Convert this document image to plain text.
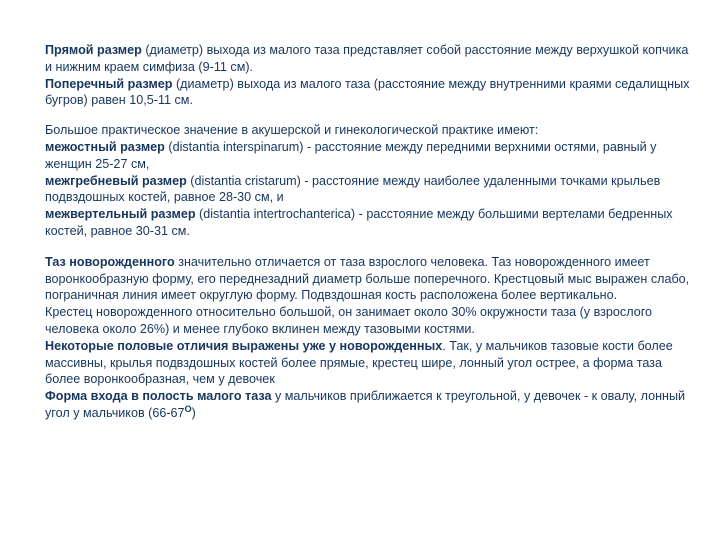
Прямой размер (диаметр) выхода из малого таза представляет собой расстояние между верхушкой копчика и нижним краем симфиза (9-11 см).

Поперечный размер (диаметр) выхода из малого таза (расстояние между внутренними краями седалищных бугров) равен 10,5-11 см.

Большое практическое значение в акушерской и гинекологической практике имеют:

межостный размер (distantia interspinarum) - расстояние между передними верхними остями, равный у женщин 25-27 см,

межгребневый размер (distantia cristarum) - расстояние между наиболее удаленными точками крыльев подвздошных костей, равное 28-30 см, и

межвертельный размер (distantia intertrochanterica) - расстояние между большими вертелами бедренных костей, равное 30-31 см.

Таз новорожденного значительно отличается от таза взрослого человека. Таз новорожденного имеет воронкообразную форму, его переднезадний диаметр больше поперечного. Крестцовый мыс выражен слабо, пограничная линия имеет округлую форму. Подвздошная кость расположена более вертикально.

Крестец новорожденного относительно большой, он занимает около 30% окружности таза (у взрослого человека около 26%) и менее глубоко вклинен между тазовыми костями.

Некоторые половые отличия выражены уже у новорожденных. Так, у мальчиков тазовые кости более массивны, крылья подвздошных костей более прямые, крестец шире, лонный угол острее, а форма таза более воронкообразная, чем у девочек

Форма входа в полость малого таза у мальчиков приближается к треугольной, у девочек - к овалу, лонный угол у мальчиков $(66-67^О)$
